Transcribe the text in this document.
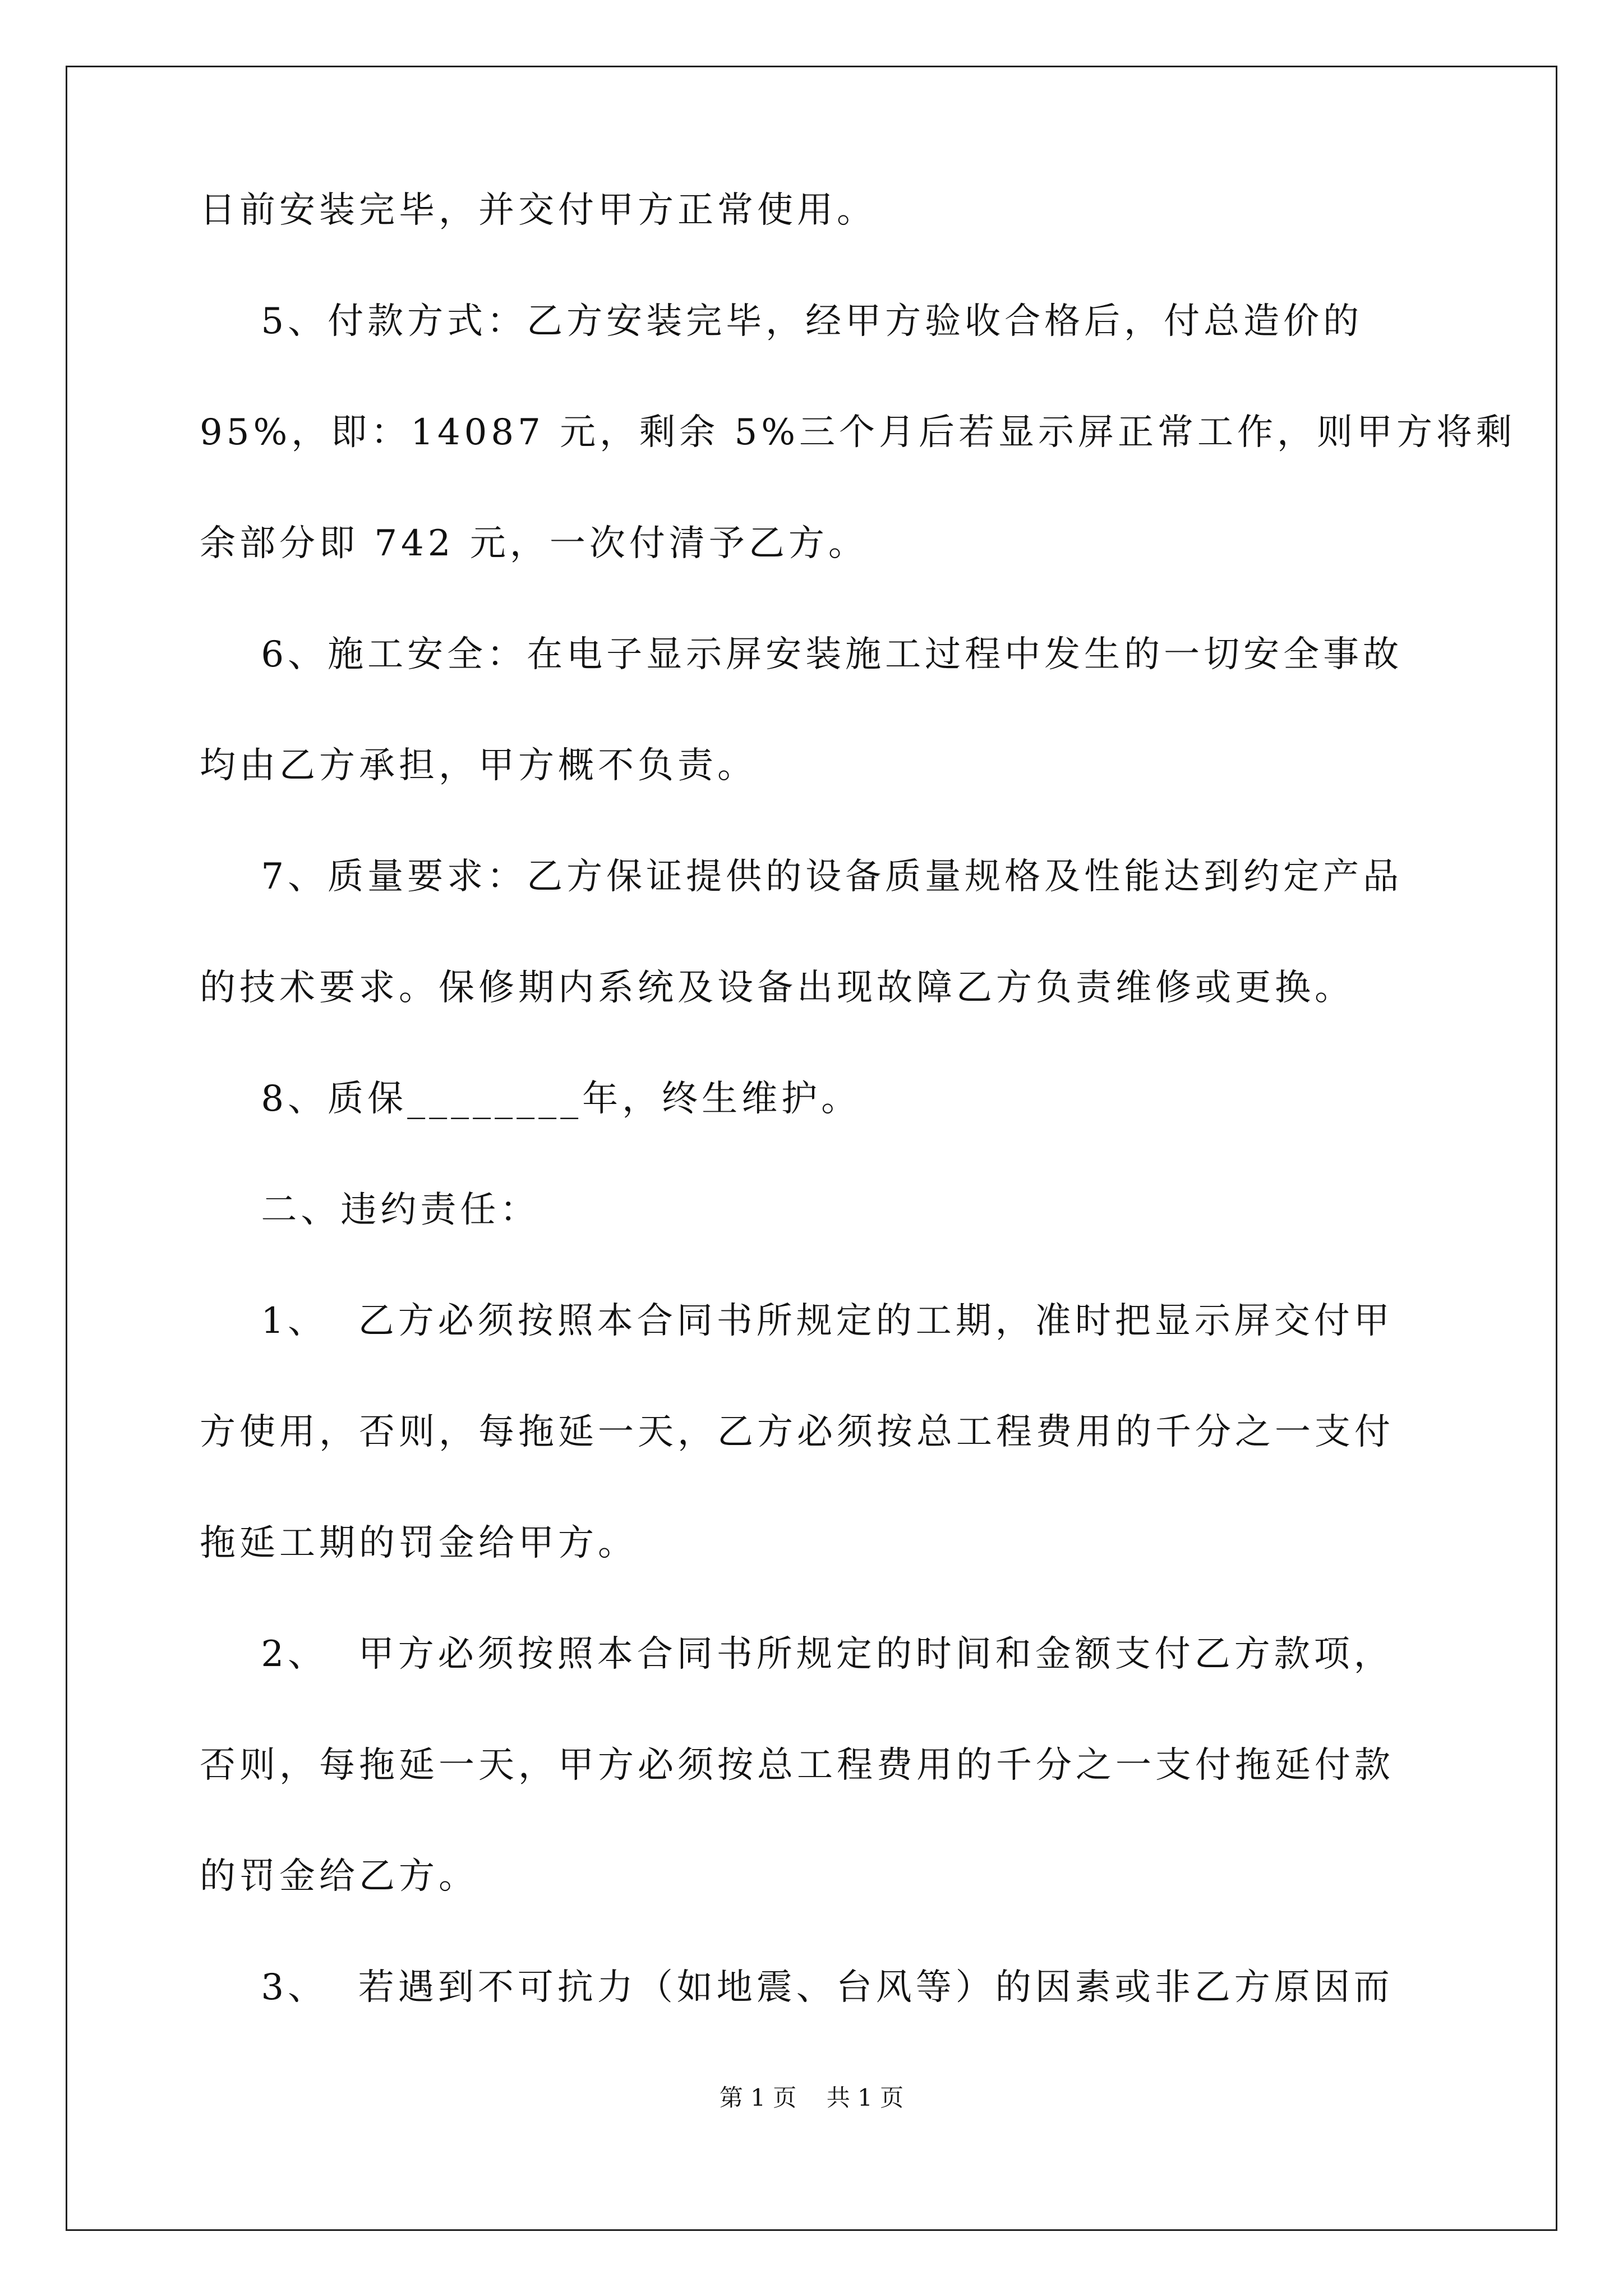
日前安装完毕，并交付甲方正常使用。
5、付款方式：乙方安装完毕，经甲方验收合格后，付总造价的
95%，即：14087 元，剩余 5%三个月后若显示屏正常工作，则甲方将剩
余部分即 742 元，一次付清予乙方。
6、施工安全：在电子显示屏安装施工过程中发生的一切安全事故
均由乙方承担，甲方概不负责。
7、质量要求：乙方保证提供的设备质量规格及性能达到约定产品
的技术要求。保修期内系统及设备出现故障乙方负责维修或更换。
8、质保________年，终生维护。
二、违约责任：
1、  乙方必须按照本合同书所规定的工期，准时把显示屏交付甲
方使用，否则，每拖延一天，乙方必须按总工程费用的千分之一支付
拖延工期的罚金给甲方。
2、  甲方必须按照本合同书所规定的时间和金额支付乙方款项，
否则，每拖延一天，甲方必须按总工程费用的千分之一支付拖延付款
的罚金给乙方。
3、  若遇到不可抗力（如地震、台风等）的因素或非乙方原因而
第 1 页    共 1 页
